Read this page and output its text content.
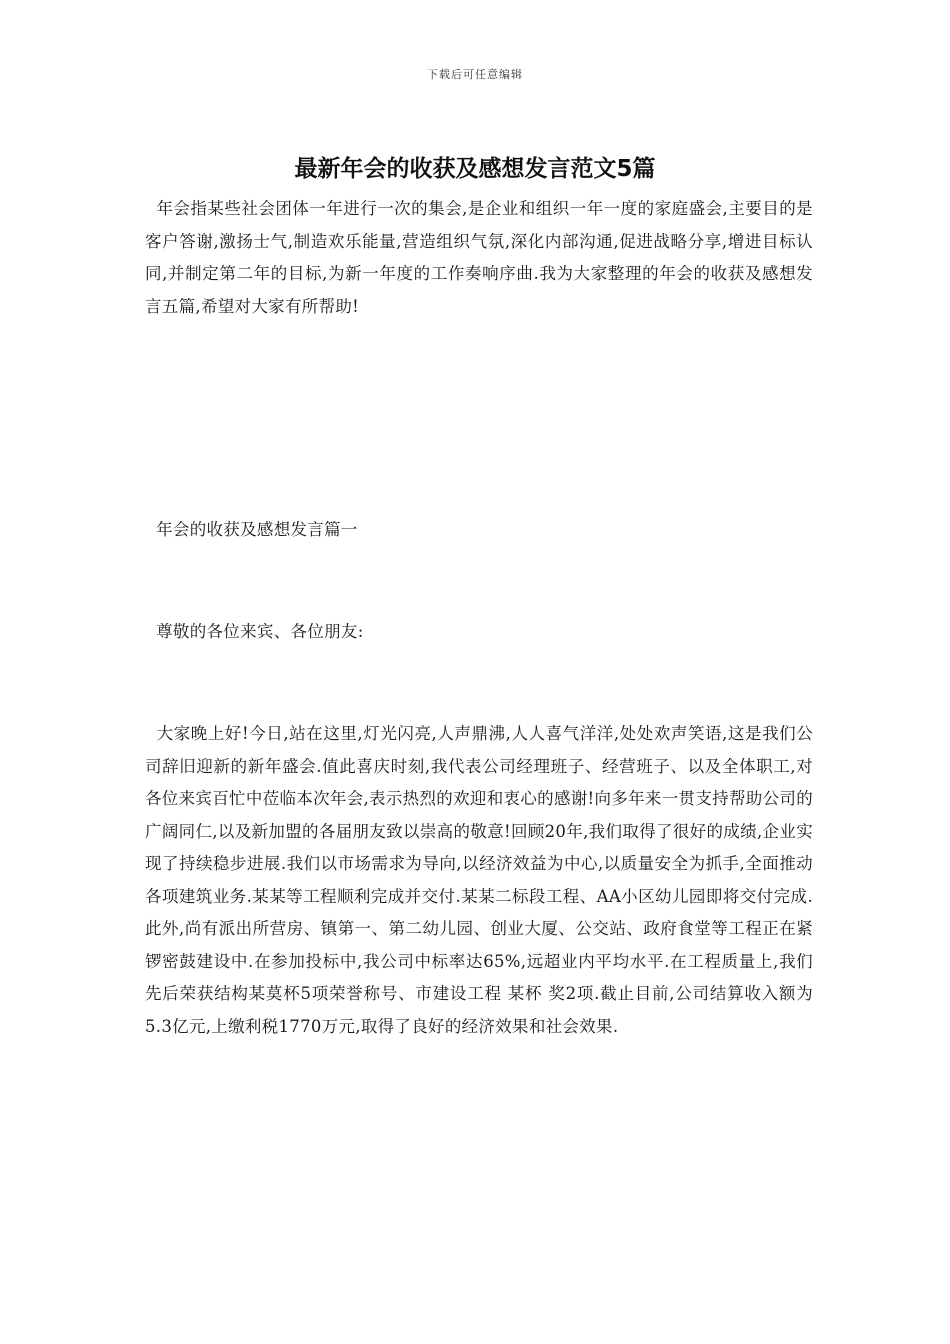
下载后可任意编辑
最新年会的收获及感想发言范文5篇

年会指某些社会团体一年进行一次的集会,是企业和组织一年一度的家庭盛会,主要目的是客户答谢,激扬士气,制造欢乐能量,营造组织气氛,深化内部沟通,促进战略分享,增进目标认同,并制定第二年的目标,为新一年度的工作奏响序曲.我为大家整理的年会的收获及感想发言五篇,希望对大家有所帮助!

年会的收获及感想发言篇一

尊敬的各位来宾、各位朋友:

大家晚上好!今日,站在这里,灯光闪亮,人声鼎沸,人人喜气洋洋,处处欢声笑语,这是我们公司辞旧迎新的新年盛会.值此喜庆时刻,我代表公司经理班子、经营班子、以及全体职工,对各位来宾百忙中莅临本次年会,表示热烈的欢迎和衷心的感谢!向多年来一贯支持帮助公司的广阔同仁,以及新加盟的各届朋友致以崇高的敬意!回顾20年,我们取得了很好的成绩,企业实现了持续稳步进展.我们以市场需求为导向,以经济效益为中心,以质量安全为抓手,全面推动各项建筑业务.某某等工程顺利完成并交付.某某二标段工程、AA小区幼儿园即将交付完成.此外,尚有派出所营房、镇第一、第二幼儿园、创业大厦、公交站、政府食堂等工程正在紧锣密鼓建设中.在参加投标中,我公司中标率达65%,远超业内平均水平.在工程质量上,我们先后荣获结构某莫杯5项荣誉称号、市建设工程 某杯 奖2项.截止目前,公司结算收入额为5.3亿元,上缴利税1770万元,取得了良好的经济效果和社会效果.
